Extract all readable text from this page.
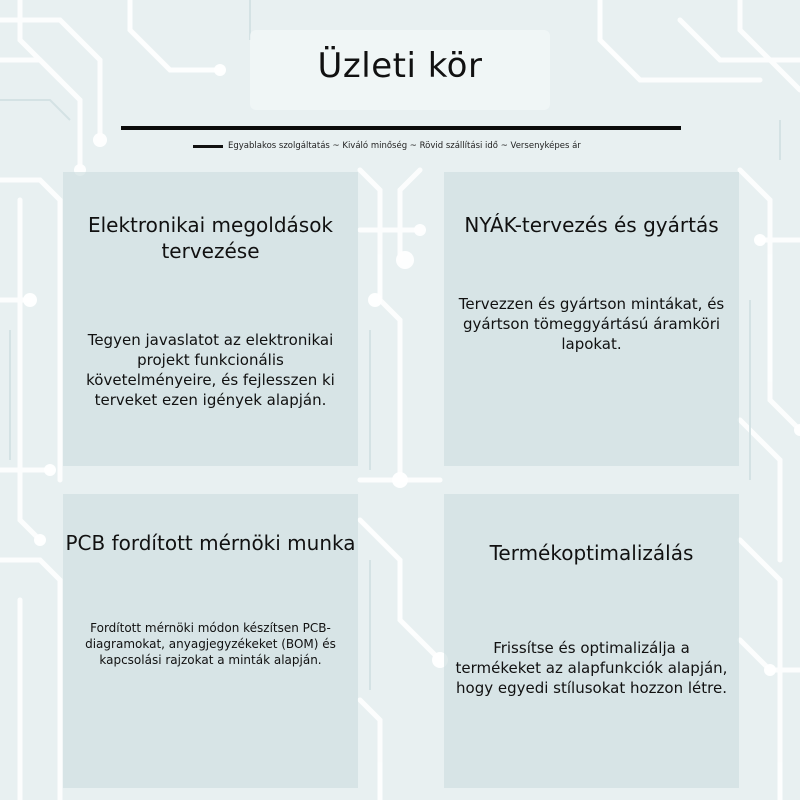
Üzleti kör
Egyablakos szolgáltatás ~ Kiváló minőség ~ Rövid szállítási idő ~ Versenyképes ár
Elektronikai megoldások tervezése
Tegyen javaslatot az elektronikai projekt funkcionális követelményeire, és fejlesszen ki terveket ezen igények alapján.
NYÁK-tervezés és gyártás
Tervezzen és gyártson mintákat, és gyártson tömeggyártású áramköri lapokat.
PCB fordított mérnöki munka
Fordított mérnöki módon készítsen PCB-diagramokat, anyagjegyzékeket (BOM) és kapcsolási rajzokat a minták alapján.
Termékoptimalizálás
Frissítse és optimalizálja a termékeket az alapfunkciók alapján, hogy egyedi stílusokat hozzon létre.
